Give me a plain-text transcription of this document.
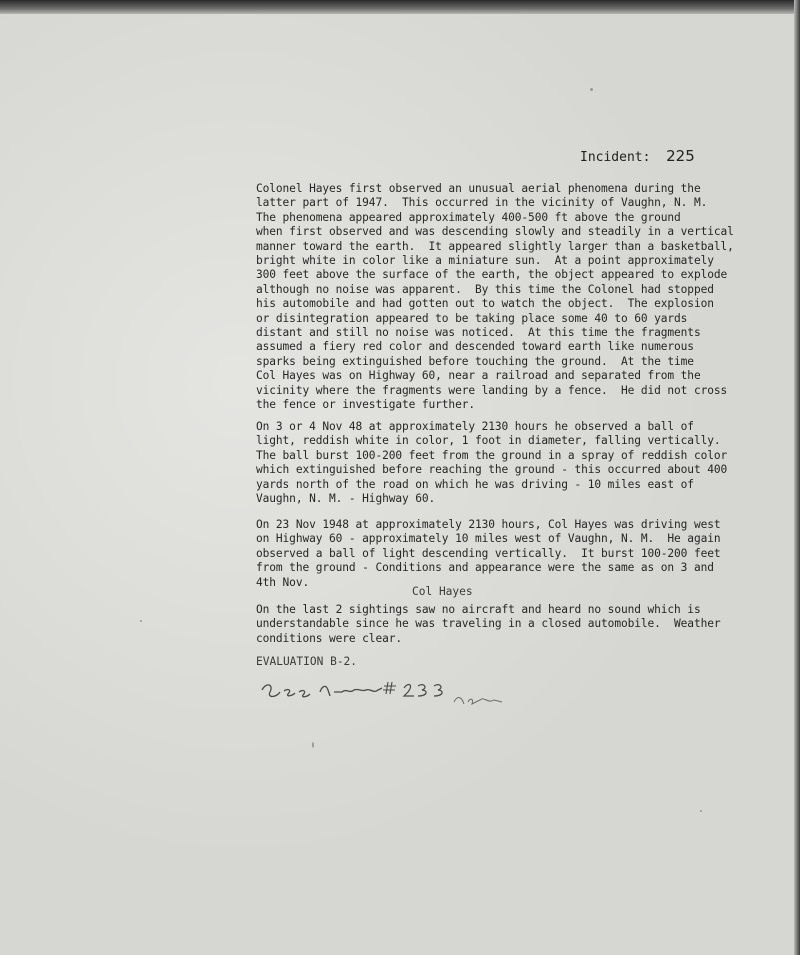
Incident: 225

Colonel Hayes first observed an unusual aerial phenomena during the
latter part of 1947.  This occurred in the vicinity of Vaughn, N. M.
The phenomena appeared approximately 400-500 ft above the ground
when first observed and was descending slowly and steadily in a vertical
manner toward the earth.  It appeared slightly larger than a basketball,
bright white in color like a miniature sun.  At a point approximately
300 feet above the surface of the earth, the object appeared to explode
although no noise was apparent.  By this time the Colonel had stopped
his automobile and had gotten out to watch the object.  The explosion
or disintegration appeared to be taking place some 40 to 60 yards
distant and still no noise was noticed.  At this time the fragments
assumed a fiery red color and descended toward earth like numerous
sparks being extinguished before touching the ground.  At the time
Col Hayes was on Highway 60, near a railroad and separated from the
vicinity where the fragments were landing by a fence.  He did not cross
the fence or investigate further.

On 3 or 4 Nov 48 at approximately 2130 hours he observed a ball of
light, reddish white in color, 1 foot in diameter, falling vertically.
The ball burst 100-200 feet from the ground in a spray of reddish color
which extinguished before reaching the ground - this occurred about 400
yards north of the road on which he was driving - 10 miles east of
Vaughn, N. M. - Highway 60.

On 23 Nov 1948 at approximately 2130 hours, Col Hayes was driving west
on Highway 60 - approximately 10 miles west of Vaughn, N. M.  He again
observed a ball of light descending vertically.  It burst 100-200 feet
from the ground - Conditions and appearance were the same as on 3 and
4th Nov.

Col Hayes

On the last 2 sightings saw no aircraft and heard no sound which is
understandable since he was traveling in a closed automobile.  Weather
conditions were clear.

EVALUATION B-2.
See Incident # 223
